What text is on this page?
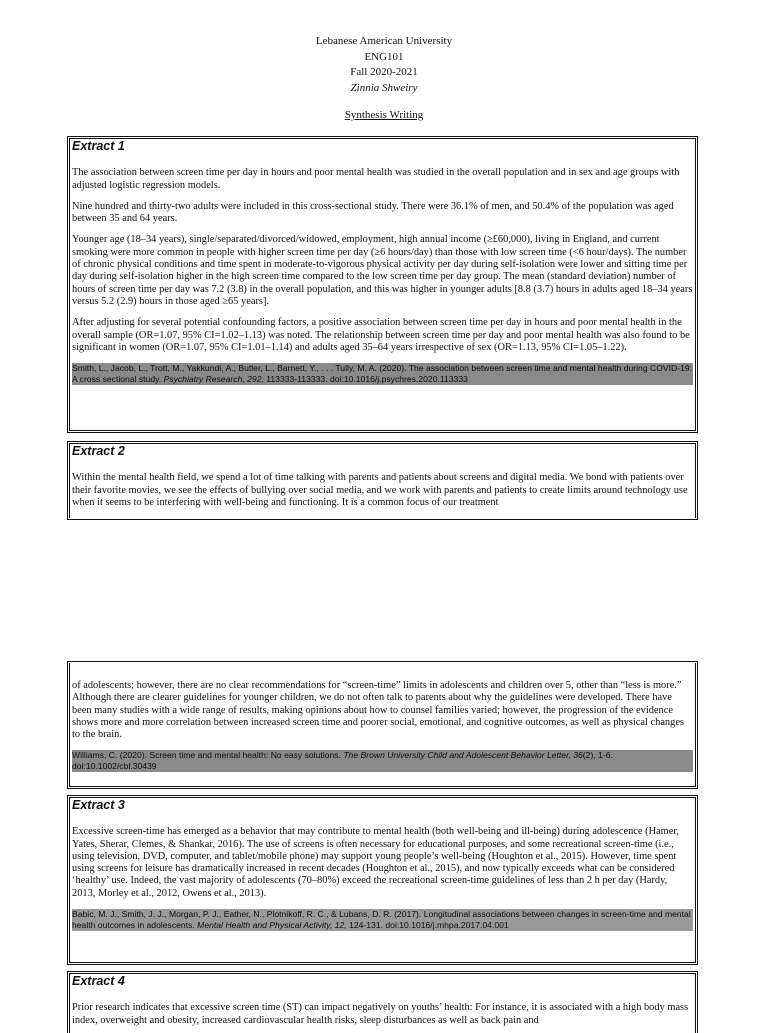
Lebanese American University
ENG101
Fall 2020-2021
Zinnia Shweiry
Synthesis Writing
Extract 1

The association between screen time per day in hours and poor mental health was studied in the overall population and in sex and age groups with adjusted logistic regression models.

Nine hundred and thirty-two adults were included in this cross-sectional study. There were 36.1% of men, and 50.4% of the population was aged between 35 and 64 years.

Younger age (18–34 years), single/separated/divorced/widowed, employment, high annual income (≥£60,000), living in England, and current smoking were more common in people with higher screen time per day (≥6 hours/day) than those with low screen time (<6 hour/days). The number of chronic physical conditions and time spent in moderate-to-vigorous physical activity per day during self-isolation were lower and sitting time per day during self-isolation higher in the high screen time compared to the low screen time per day group. The mean (standard deviation) number of hours of screen time per day was 7.2 (3.8) in the overall population, and this was higher in younger adults [8.8 (3.7) hours in adults aged 18–34 years versus 5.2 (2.9) hours in those aged ≥65 years].

After adjusting for several potential confounding factors, a positive association between screen time per day in hours and poor mental health in the overall sample (OR=1.07, 95% CI=1.02–1.13) was noted. The relationship between screen time per day and poor mental health was also found to be significant in women (OR=1.07, 95% CI=1.01–1.14) and adults aged 35–64 years irrespective of sex (OR=1.13, 95% CI=1.05–1.22).

Smith, L., Jacob, L., Trott, M., Yakkundi, A., Butler, L., Barnett, Y., . . . Tully, M. A. (2020). The association between screen time and mental health during COVID-19: A cross sectional study. Psychiatry Research, 292, 113333-113333. doi:10.1016/j.psychres.2020.113333
Extract 2

Within the mental health field, we spend a lot of time talking with parents and patients about screens and digital media. We bond with patients over their favorite movies, we see the effects of bullying over social media, and we work with parents and patients to create limits around technology use when it seems to be interfering with well-being and functioning. It is a common focus of our treatment

of adolescents; however, there are no clear recommendations for “screen-time” limits in adolescents and children over 5, other than “less is more.” Although there are clearer guidelines for younger children, we do not often talk to parents about why the guidelines were developed. There have been many studies with a wide range of results, making opinions about how to counsel families varied; however, the progression of the evidence shows more and more correlation between increased screen time and poorer social, emotional, and cognitive outcomes, as well as physical changes to the brain.

Williams, C. (2020). Screen time and mental health: No easy solutions. The Brown University Child and Adolescent Behavior Letter, 36(2), 1-6. doi:10.1002/cbl.30439
Extract 3

Excessive screen-time has emerged as a behavior that may contribute to mental health (both well-being and ill-being) during adolescence (Hamer, Yates, Sherar, Clemes, & Shankar, 2016). The use of screens is often necessary for educational purposes, and some recreational screen-time (i.e., using television, DVD, computer, and tablet/mobile phone) may support young people’s well-being (Houghton et al., 2015). However, time spent using screens for leisure has dramatically increased in recent decades (Houghton et al., 2015), and now typically exceeds what can be considered ‘healthy’ use. Indeed, the vast majority of adolescents (70–80%) exceed the recreational screen-time guidelines of less than 2 h per day (Hardy, 2013, Morley et al., 2012, Owens et al., 2013).

Babic, M. J., Smith, J. J., Morgan, P. J., Eather, N., Plotnikoff, R. C., & Lubans, D. R. (2017). Longitudinal associations between changes in screen-time and mental health outcomes in adolescents. Mental Health and Physical Activity, 12, 124-131. doi:10.1016/j.mhpa.2017.04.001
Extract 4

Prior research indicates that excessive screen time (ST) can impact negatively on youths’ health: For instance, it is associated with a high body mass index, overweight and obesity, increased cardiovascular health risks, sleep disturbances as well as back pain and
